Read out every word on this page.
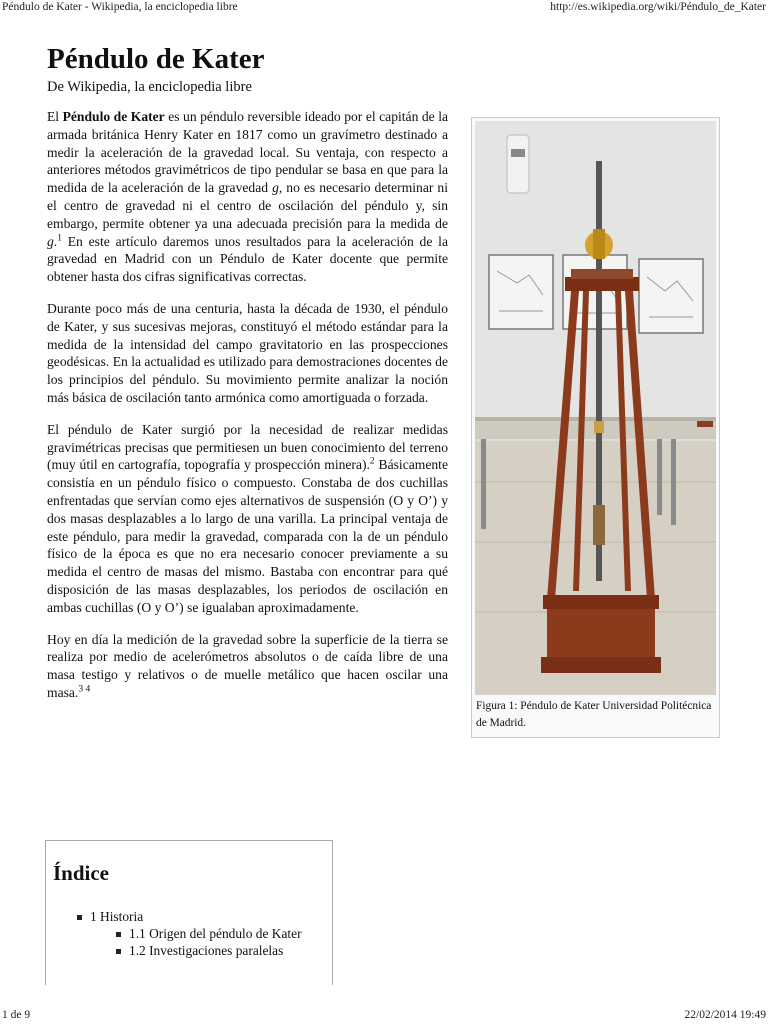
Péndulo de Kater - Wikipedia, la enciclopedia libre	http://es.wikipedia.org/wiki/Péndulo_de_Kater
Péndulo de Kater
De Wikipedia, la enciclopedia libre

El Péndulo de Kater es un péndulo reversible ideado por el capitán de la armada británica Henry Kater en 1817 como un gravímetro destinado a medir la aceleración de la gravedad local. Su ventaja, con respecto a anteriores métodos gravimétricos de tipo pendular se basa en que para la medida de la aceleración de la gravedad g, no es necesario determinar ni el centro de gravedad ni el centro de oscilación del péndulo y, sin embargo, permite obtener ya una adecuada precisión para la medida de g.$^1$ En este artículo daremos unos resultados para la aceleración de la gravedad en Madrid con un Péndulo de Kater docente que permite obtener hasta dos cifras significativas correctas.

Durante poco más de una centuria, hasta la década de 1930, el péndulo de Kater, y sus sucesivas mejoras, constituyó el método estándar para la medida de la intensidad del campo gravitatorio en las prospecciones geodésicas. En la actualidad es utilizado para demostraciones docentes de los principios del péndulo. Su movimiento permite analizar la noción más básica de oscilación tanto armónica como amortiguada o forzada.

El péndulo de Kater surgió por la necesidad de realizar medidas gravimétricas precisas que permitiesen un buen conocimiento del terreno (muy útil en cartografía, topografía y prospección minera).$^2$ Básicamente consistía en un péndulo físico o compuesto. Constaba de dos cuchillas enfrentadas que servían como ejes alternativos de suspensión (O y O’) y dos masas desplazables a lo largo de una varilla. La principal ventaja de este péndulo, para medir la gravedad, comparada con la de un péndulo físico de la época es que no era necesario conocer previamente a su medida el centro de masas del mismo. Bastaba con encontrar para qué disposición de las masas desplazables, los periodos de oscilación en ambas cuchillas (O y O’) se igualaban aproximadamente.

Hoy en día la medición de la gravedad sobre la superficie de la tierra se realiza por medio de acelerómetros absolutos o de caída libre de una masa testigo y relativos o de muelle metálico que hacen oscilar una masa.$^{3 4}$

Figura 1: Péndulo de Kater Universidad Politécnica de Madrid.
Índice
1 Historia
1.1 Origen del péndulo de Kater
1.2 Investigaciones paralelas
1 de 9	22/02/2014 19:49
